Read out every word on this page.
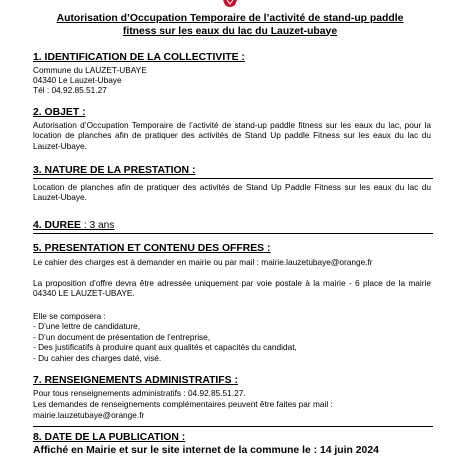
Autorisation d’Occupation Temporaire de l’activité de stand-up paddle
fitness sur les eaux du lac du Lauzet-ubaye
1. IDENTIFICATION DE LA COLLECTIVITE :
Commune du LAUZET-UBAYE
04340 Le Lauzet-Ubaye
Tél : 04.92.85.51.27
2. OBJET :
Autorisation d’Occupation Temporaire de l’activité de stand-up paddle fitness sur les eaux du lac, pour la location de planches afin de pratiquer des activités de Stand Up paddle Fitness sur les eaux du lac du Lauzet-Ubaye.
3. NATURE DE LA PRESTATION :
Location de planches afin de pratiquer des activités de Stand Up Paddle Fitness sur les eaux du lac du Lauzet-Ubaye.
4. DUREE : 3 ans
5. PRESENTATION ET CONTENU DES OFFRES :
Le cahier des charges est à demander en mairie ou par mail : mairie.lauzetubaye@orange.fr
La proposition d’offre devra être adressée uniquement par voie postale à la mairie - 6 place de la mairie 04340 LE LAUZET-UBAYE.
Elle se composera :
- D’une lettre de candidature,
- D’un document de présentation de l’entreprise,
- Des justificatifs à produire quant aux qualités et capacités du candidat,
- Du cahier des charges daté, visé.
7. RENSEIGNEMENTS ADMINISTRATIFS :
Pour tous renseignements administratifs : 04.92.85.51.27.
Les demandes de renseignements complémentaires peuvent être faites par mail :
mairie.lauzetubaye@orange.fr
8. DATE DE LA PUBLICATION :
Affiché en Mairie et sur le site internet de la commune le : 14 juin 2024
